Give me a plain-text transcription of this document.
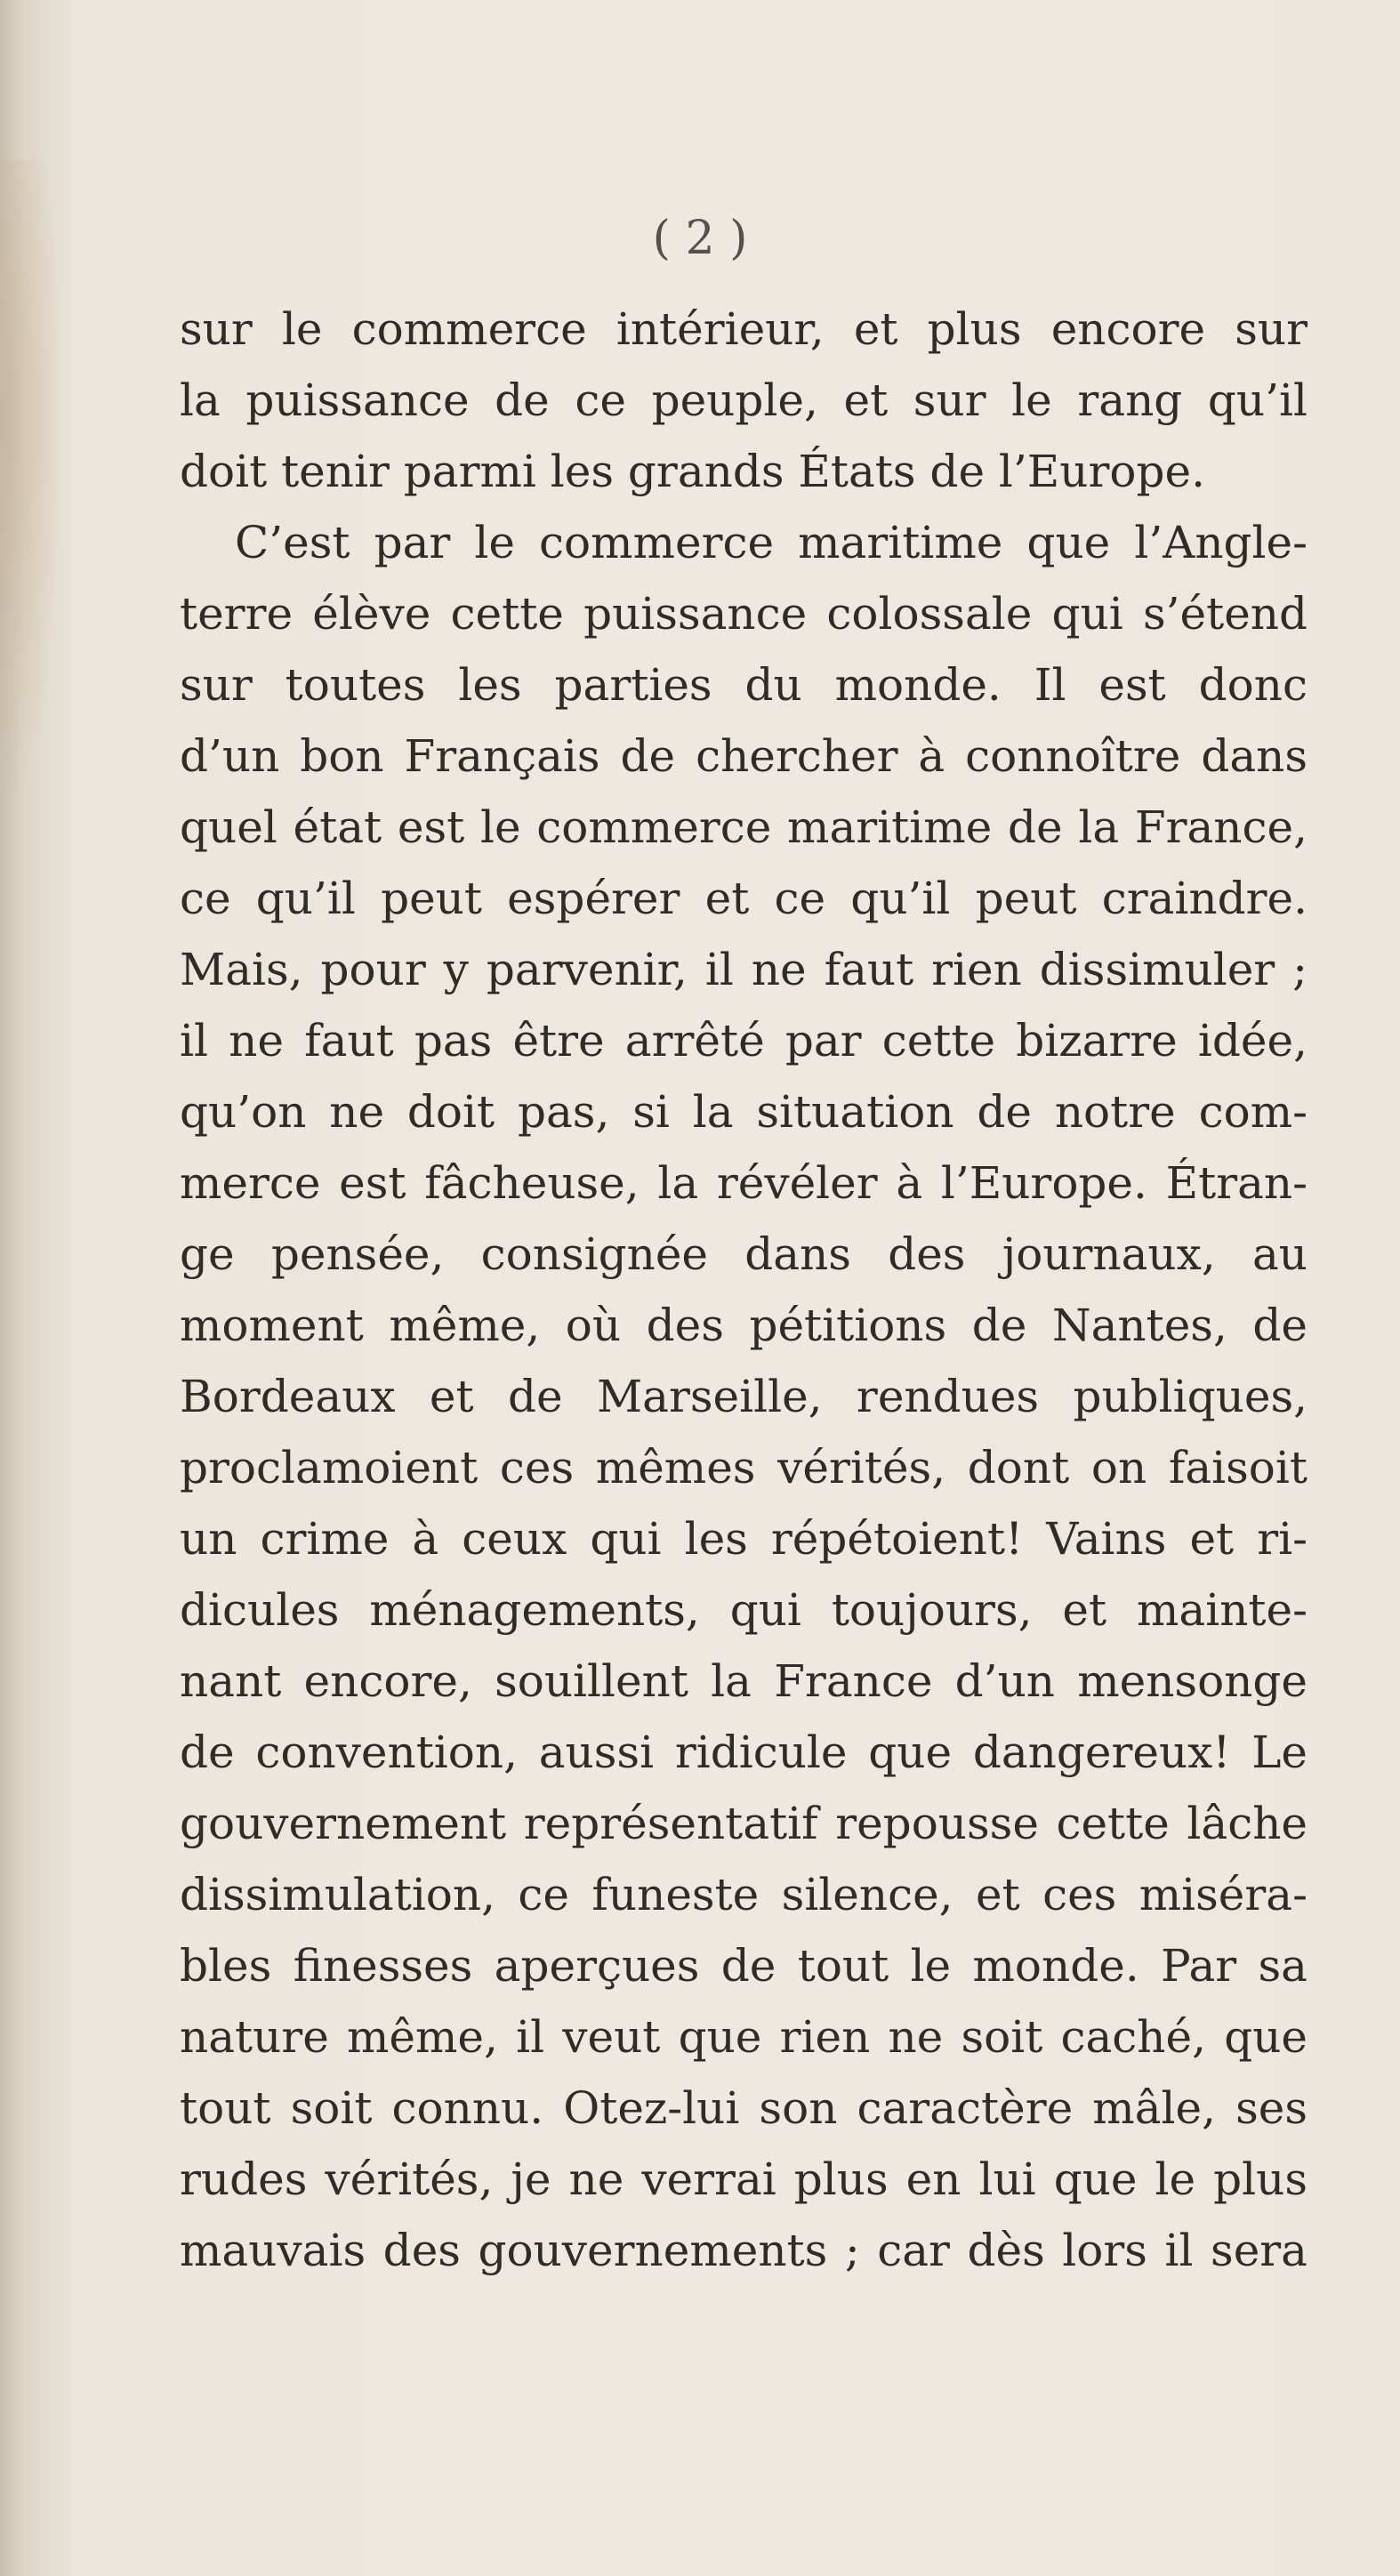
( 2 )
sur le commerce intérieur, et plus encore sur
la puissance de ce peuple, et sur le rang qu’il
doit tenir parmi les grands États de l’Europe.
C’est par le commerce maritime que l’Angle-
terre élève cette puissance colossale qui s’étend
sur toutes les parties du monde. Il est donc
d’un bon Français de chercher à connoître dans
quel état est le commerce maritime de la France,
ce qu’il peut espérer et ce qu’il peut craindre.
Mais, pour y parvenir, il ne faut rien dissimuler ;
il ne faut pas être arrêté par cette bizarre idée,
qu’on ne doit pas, si la situation de notre com-
merce est fâcheuse, la révéler à l’Europe. Étran-
ge pensée, consignée dans des journaux, au
moment même, où des pétitions de Nantes, de
Bordeaux et de Marseille, rendues publiques,
proclamoient ces mêmes vérités, dont on faisoit
un crime à ceux qui les répétoient! Vains et ri-
dicules ménagements, qui toujours, et mainte-
nant encore, souillent la France d’un mensonge
de convention, aussi ridicule que dangereux! Le
gouvernement représentatif repousse cette lâche
dissimulation, ce funeste silence, et ces miséra-
bles finesses aperçues de tout le monde. Par sa
nature même, il veut que rien ne soit caché, que
tout soit connu. Otez-lui son caractère mâle, ses
rudes vérités, je ne verrai plus en lui que le plus
mauvais des gouvernements ; car dès lors il sera
